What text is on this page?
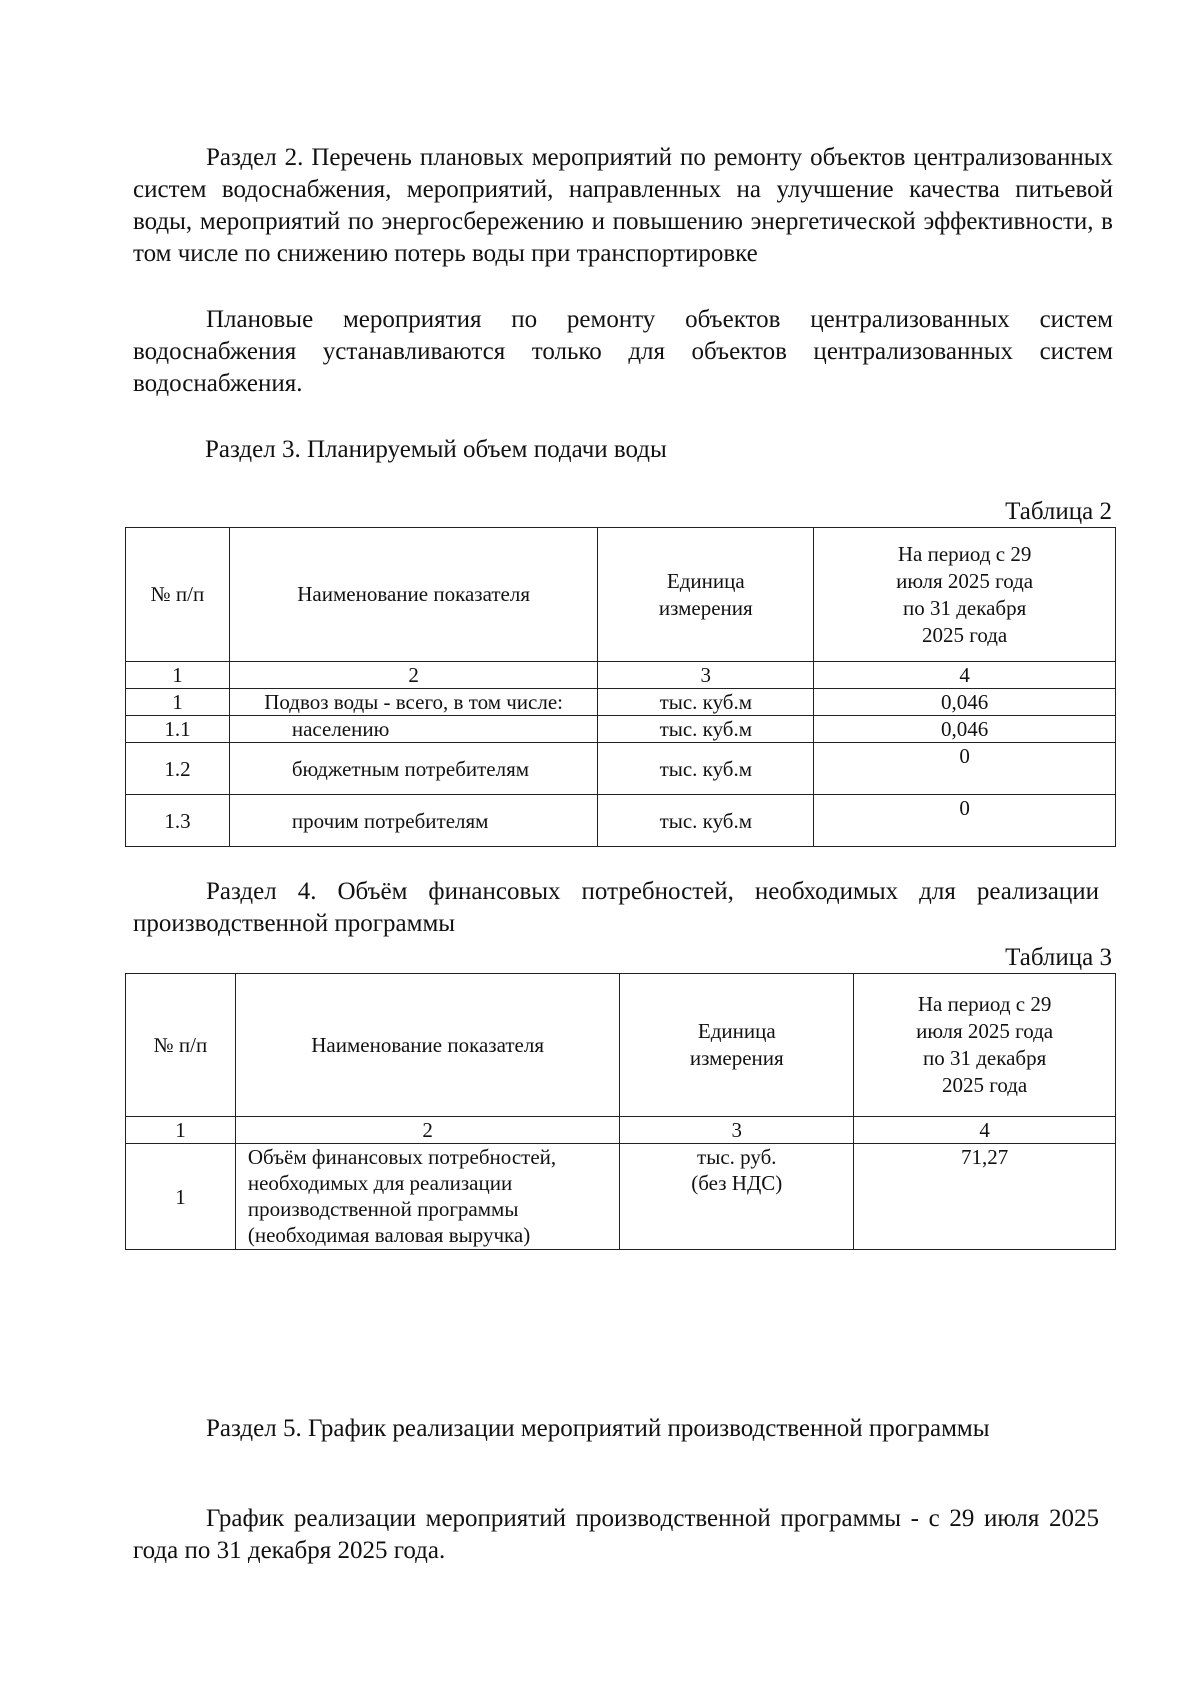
Раздел 2. Перечень плановых мероприятий по ремонту объектов централизованных систем водоснабжения, мероприятий, направленных на улучшение качества питьевой воды, мероприятий по энергосбережению и повышению энергетической эффективности, в том числе по снижению потерь воды при транспортировке

Плановые мероприятия по ремонту объектов централизованных систем водоснабжения устанавливаются только для объектов централизованных систем водоснабжения.

Раздел 3. Планируемый объем подачи воды

Таблица 2

№ п/п	Наименование показателя	Единица измерения	На период с 29 июля 2025 года по 31 декабря 2025 года
1	2	3	4
1	Подвоз воды - всего, в том числе:	тыс. куб.м	0,046
1.1	населению	тыс. куб.м	0,046
1.2	бюджетным потребителям	тыс. куб.м	0
1.3	прочим потребителям	тыс. куб.м	0

Раздел 4. Объём финансовых потребностей, необходимых для реализации производственной программы

Таблица 3

№ п/п	Наименование показателя	Единица измерения	На период с 29 июля 2025 года по 31 декабря 2025 года
1	2	3	4
1	Объём финансовых потребностей, необходимых для реализации производственной программы (необходимая валовая выручка)	тыс. руб. (без НДС)	71,27

Раздел 5. График реализации мероприятий производственной программы

График реализации мероприятий производственной программы - с 29 июля 2025 года по 31 декабря 2025 года.
